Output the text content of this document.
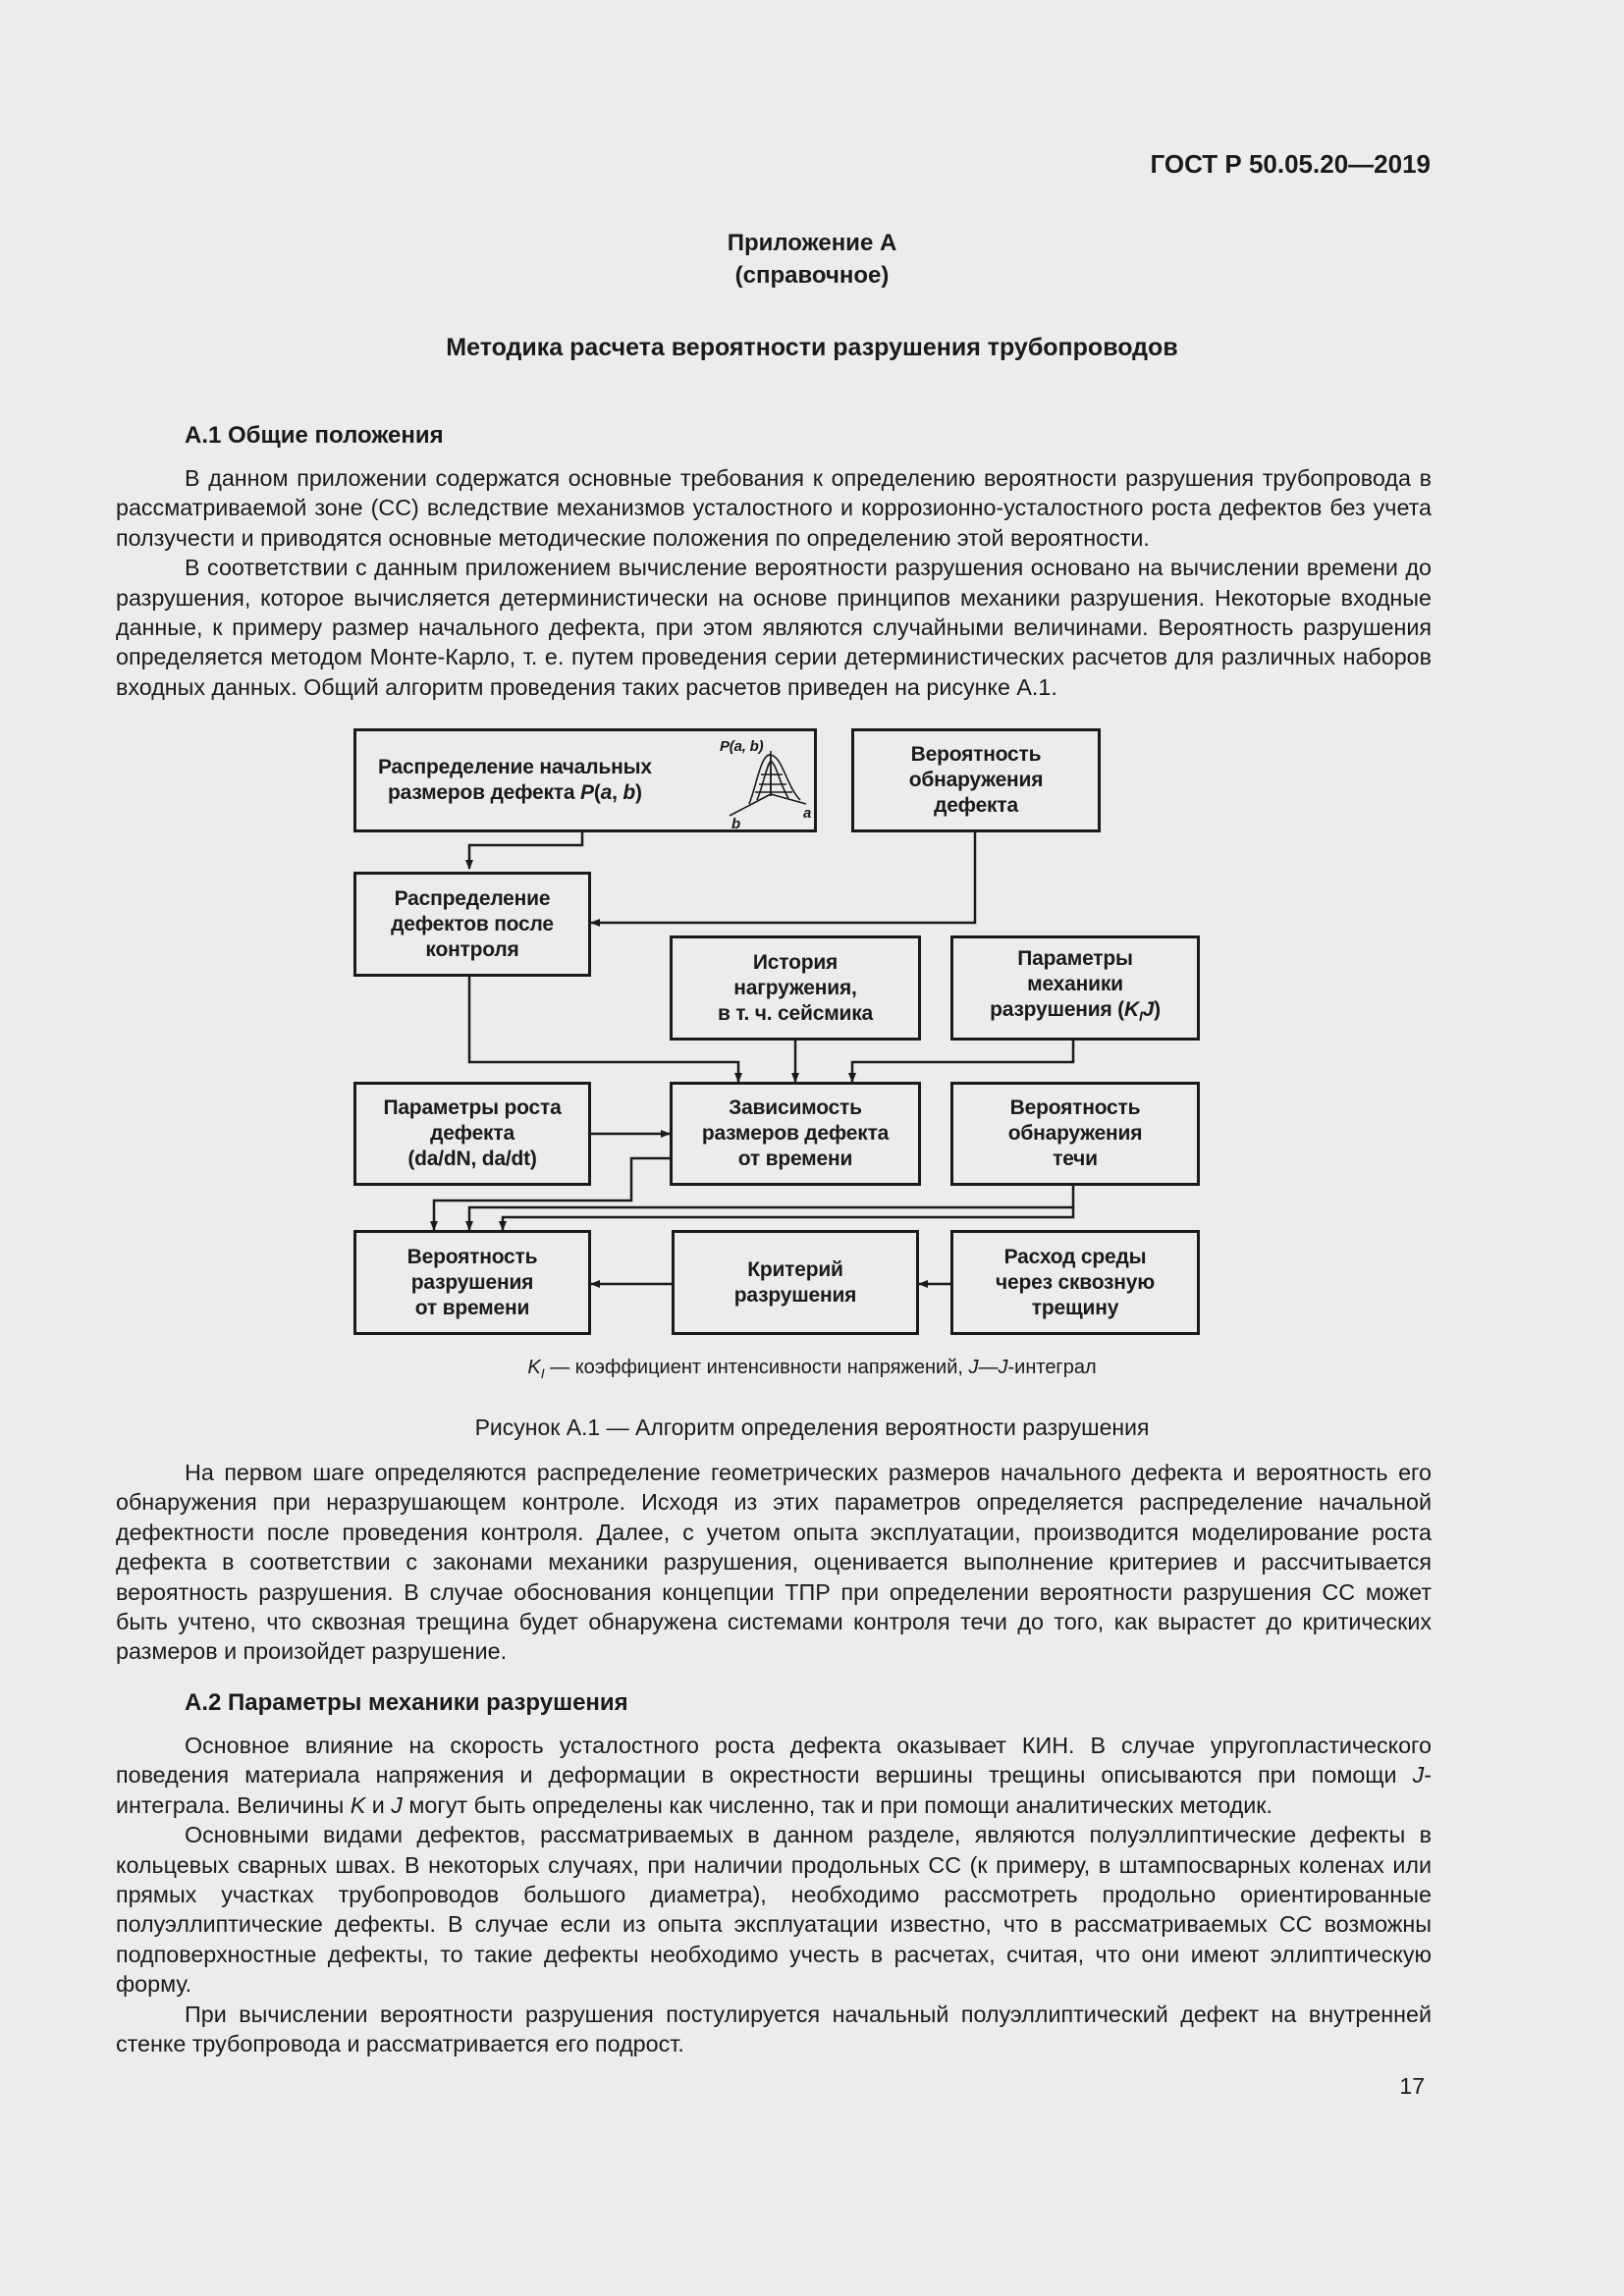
ГОСТ Р 50.05.20—2019
Приложение А
(справочное)
Методика расчета вероятности разрушения трубопроводов
А.1 Общие положения

В данном приложении содержатся основные требования к определению вероятности разрушения трубопровода в рассматриваемой зоне (СС) вследствие механизмов усталостного и коррозионно-усталостного роста дефектов без учета ползучести и приводятся основные методические положения по определению этой вероятности.

В соответствии с данным приложением вычисление вероятности разрушения основано на вычислении времени до разрушения, которое вычисляется детерминистически на основе принципов механики разрушения. Некоторые входные данные, к примеру размер начального дефекта, при этом являются случайными величинами. Вероятность разрушения определяется методом Монте-Карло, т. е. путем проведения серии детерминистических расчетов для различных наборов входных данных. Общий алгоритм проведения таких расчетов приведен на рисунке А.1.

Распределение начальных
размеров дефекта P(a, b)
P(a, b)
a
b
Вероятность
обнаружения
дефекта
Распределение
дефектов после
контроля
История
нагружения,
в т. ч. сейсмика
Параметры
механики
разрушения $(K_IJ)$
Параметры роста
дефекта
(da/dN, da/dt)
Зависимость
размеров дефекта
от времени
Вероятность
обнаружения
течи
Вероятность
разрушения
от времени
Критерий
разрушения
Расход среды
через сквозную
трещину
$K_I$ — коэффициент интенсивности напряжений, J—J-интеграл
Рисунок А.1 — Алгоритм определения вероятности разрушения

На первом шаге определяются распределение геометрических размеров начального дефекта и вероятность его обнаружения при неразрушающем контроле. Исходя из этих параметров определяется распределение начальной дефектности после проведения контроля. Далее, с учетом опыта эксплуатации, производится моделирование роста дефекта в соответствии с законами механики разрушения, оценивается выполнение критериев и рассчитывается вероятность разрушения. В случае обоснования концепции ТПР при определении вероятности разрушения СС может быть учтено, что сквозная трещина будет обнаружена системами контроля течи до того, как вырастет до критических размеров и произойдет разрушение.

А.2 Параметры механики разрушения

Основное влияние на скорость усталостного роста дефекта оказывает КИН. В случае упругопластического поведения материала напряжения и деформации в окрестности вершины трещины описываются при помощи J-интеграла. Величины K и J могут быть определены как численно, так и при помощи аналитических методик.

Основными видами дефектов, рассматриваемых в данном разделе, являются полуэллиптические дефекты в кольцевых сварных швах. В некоторых случаях, при наличии продольных СС (к примеру, в штампосварных коленах или прямых участках трубопроводов большого диаметра), необходимо рассмотреть продольно ориентированные полуэллиптические дефекты. В случае если из опыта эксплуатации известно, что в рассматриваемых СС возможны подповерхностные дефекты, то такие дефекты необходимо учесть в расчетах, считая, что они имеют эллиптическую форму.

При вычислении вероятности разрушения постулируется начальный полуэллиптический дефект на внутренней стенке трубопровода и рассматривается его подрост.

17
